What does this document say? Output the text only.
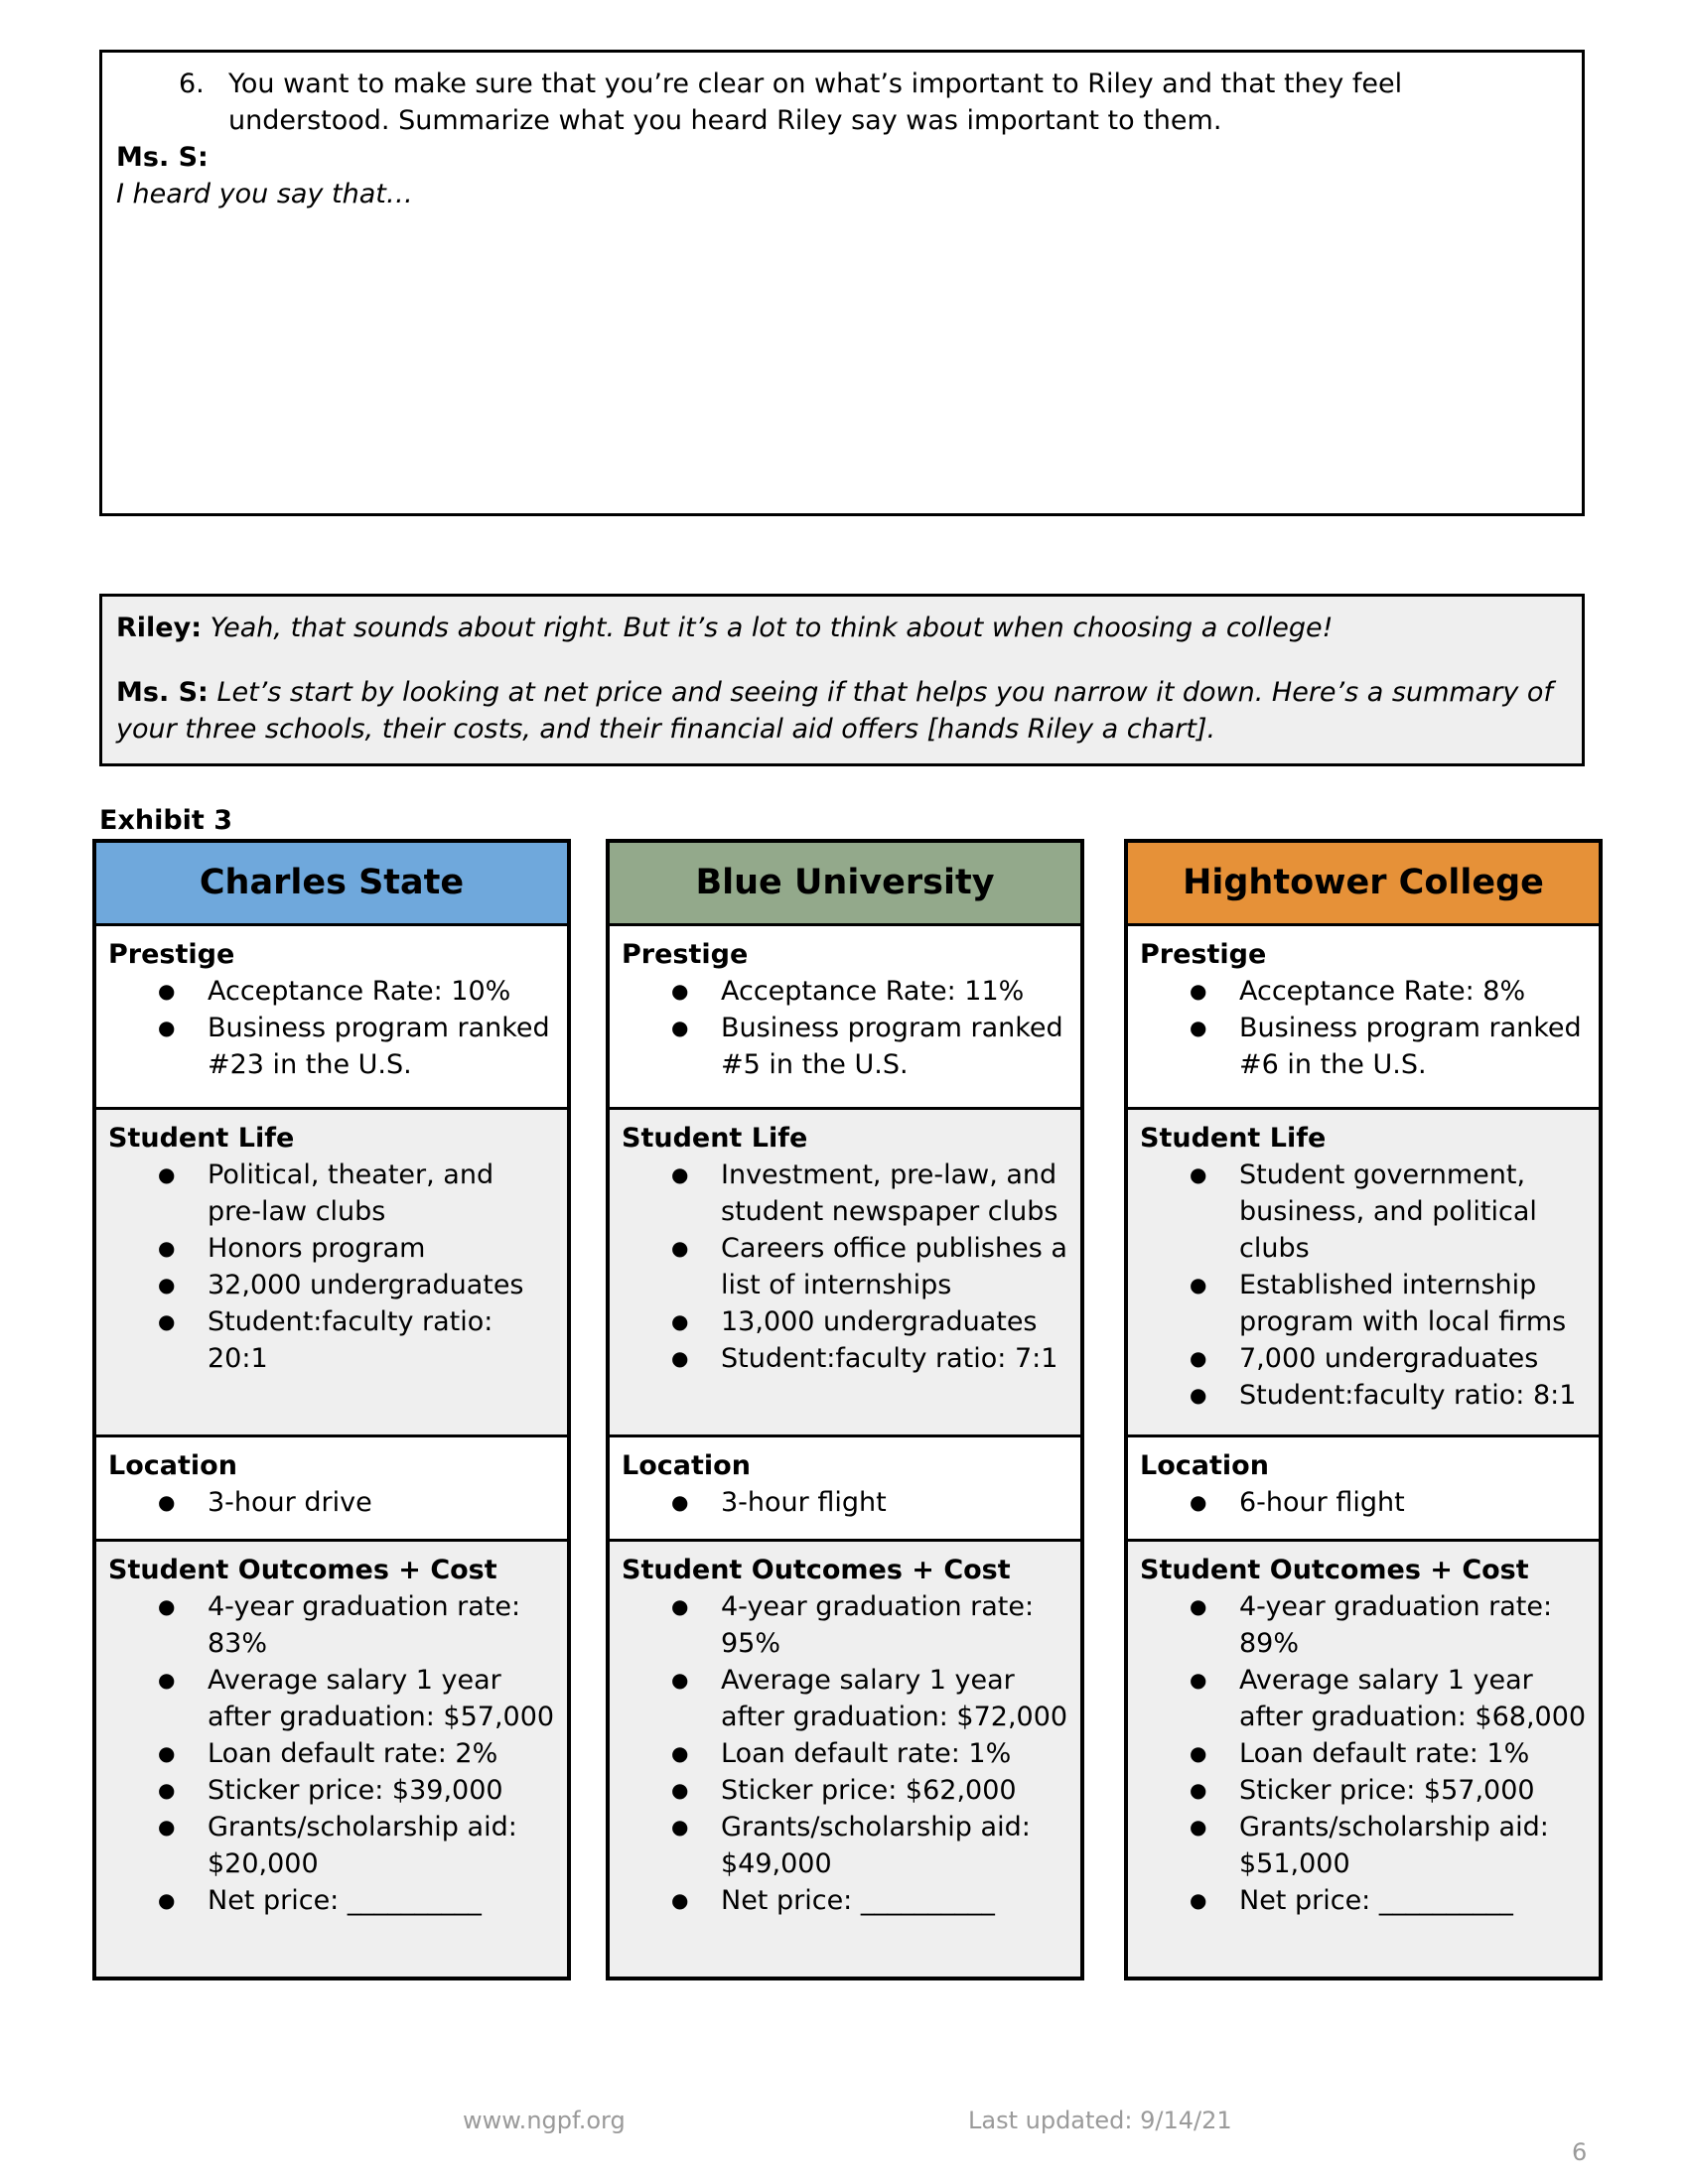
6. You want to make sure that you’re clear on what’s important to Riley and that they feel understood. Summarize what you heard Riley say was important to them.
Ms. S:
I heard you say that…

Riley: Yeah, that sounds about right. But it’s a lot to think about when choosing a college!

Ms. S: Let’s start by looking at net price and seeing if that helps you narrow it down. Here’s a summary of your three schools, their costs, and their financial aid offers [hands Riley a chart].

Exhibit 3
Charles State
Prestige
● Acceptance Rate: 10%
● Business program ranked #23 in the U.S.
Student Life
● Political, theater, and pre-law clubs
● Honors program
● 32,000 undergraduates
● Student:faculty ratio: 20:1
Location
● 3-hour drive
Student Outcomes + Cost
● 4-year graduation rate: 83%
● Average salary 1 year after graduation: $57,000
● Loan default rate: 2%
● Sticker price: $39,000
● Grants/scholarship aid: $20,000
● Net price: __________
Blue University
Prestige
● Acceptance Rate: 11%
● Business program ranked #5 in the U.S.
Student Life
● Investment, pre-law, and student newspaper clubs
● Careers office publishes a list of internships
● 13,000 undergraduates
● Student:faculty ratio: 7:1
Location
● 3-hour flight
Student Outcomes + Cost
● 4-year graduation rate: 95%
● Average salary 1 year after graduation: $72,000
● Loan default rate: 1%
● Sticker price: $62,000
● Grants/scholarship aid: $49,000
● Net price: __________
Hightower College
Prestige
● Acceptance Rate: 8%
● Business program ranked #6 in the U.S.
Student Life
● Student government, business, and political clubs
● Established internship program with local firms
● 7,000 undergraduates
● Student:faculty ratio: 8:1
Location
● 6-hour flight
Student Outcomes + Cost
● 4-year graduation rate: 89%
● Average salary 1 year after graduation: $68,000
● Loan default rate: 1%
● Sticker price: $57,000
● Grants/scholarship aid: $51,000
● Net price: __________
www.ngpf.org	Last updated: 9/14/21
6
